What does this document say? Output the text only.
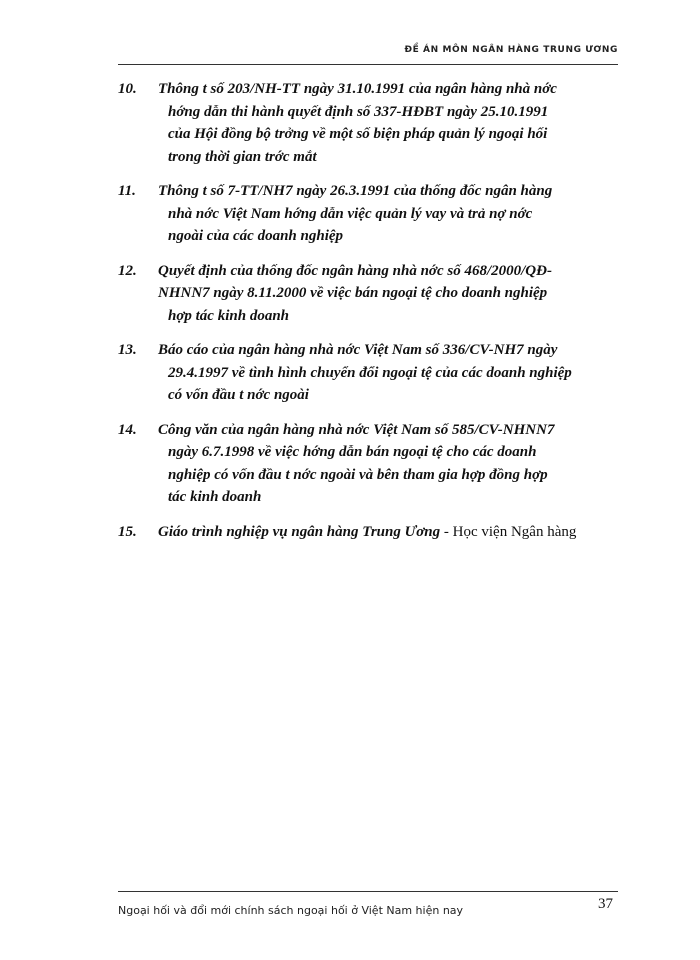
ĐỀ ÁN MÔN NGÂN HÀNG TRUNG ƯƠNG
10.	Thông t số 203/NH-TT ngày 31.10.1991 của ngân hàng nhà nớc
hớng dẫn thi hành quyết định số 337-HĐBT ngày 25.10.1991
của Hội đồng bộ trởng về một số biện pháp quản lý ngoại hối
trong thời gian trớc mắt
11.	Thông t số 7-TT/NH7 ngày 26.3.1991 của thống đốc ngân hàng
nhà nớc Việt Nam hớng dẫn việc quản lý vay và trả nợ nớc
ngoài của các doanh nghiệp
12.	Quyết định của thống đốc ngân hàng nhà nớc số 468/2000/QĐ-
NHNN7 ngày 8.11.2000 về việc bán ngoại tệ cho doanh nghiệp
hợp tác kinh doanh
13.	Báo cáo của ngân hàng nhà nớc Việt Nam số 336/CV-NH7 ngày
29.4.1997 về tình hình chuyển đổi ngoại tệ của các doanh nghiệp
có vốn đầu t nớc ngoài
14.	Công văn của ngân hàng nhà nớc Việt Nam số 585/CV-NHNN7
ngày 6.7.1998 về việc hớng dẫn bán ngoại tệ cho các doanh
nghiệp có vốn đầu t nớc ngoài và bên tham gia hợp đồng hợp
tác kinh doanh
15.	Giáo trình nghiệp vụ ngân hàng Trung Ương - Học viện Ngân hàng
Ngoại hối và đổi mới chính sách ngoại hối ở Việt Nam hiện nay	37
